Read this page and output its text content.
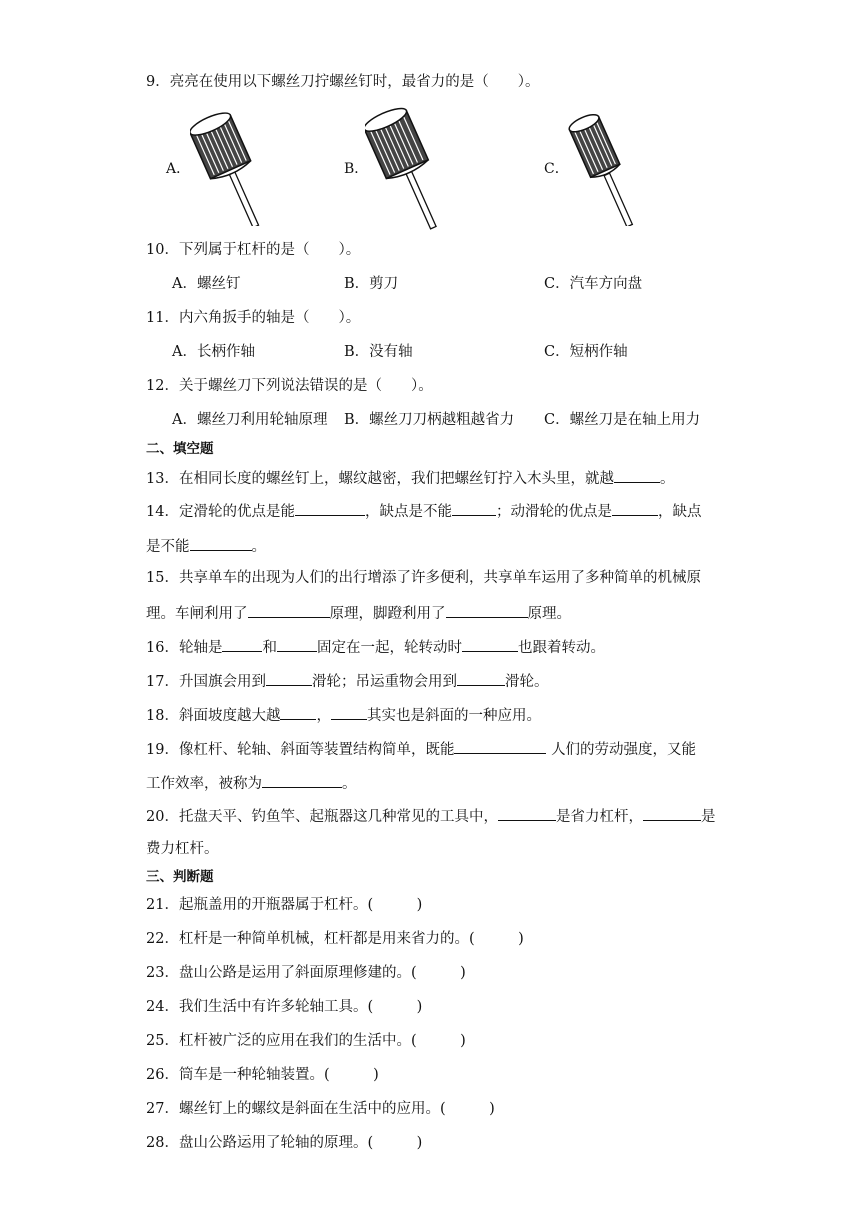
9．亮亮在使用以下螺丝刀拧螺丝钉时，最省力的是（　　）。
A．	B．	C．
10．下列属于杠杆的是（　　）。
A．螺丝钉	B．剪刀	C．汽车方向盘
11．内六角扳手的轴是（　　）。
A．长柄作轴	B．没有轴	C．短柄作轴
12．关于螺丝刀下列说法错误的是（　　）。
A．螺丝刀利用轮轴原理 B．螺丝刀刀柄越粗越省力 C．螺丝刀是在轴上用力
二、填空题
13．在相同长度的螺丝钉上，螺纹越密，我们把螺丝钉拧入木头里，就越	。
14．定滑轮的优点是能	，缺点是不能	；动滑轮的优点是	，缺点
是不能	。
15．共享单车的出现为人们的出行增添了许多便利，共享单车运用了多种简单的机械原
理。车闸利用了	原理，脚蹬利用了	原理。
16．轮轴是	和	固定在一起，轮转动时	也跟着转动。
17．升国旗会用到	滑轮；吊运重物会用到	滑轮。
18．斜面坡度越大越 ， 其实也是斜面的一种应用。
19．像杠杆、轮轴、斜面等装置结构简单，既能	人们的劳动强度，又能
工作效率，被称为	。
20．托盘天平、钓鱼竿、起瓶器这几种常见的工具中，	是省力杠杆，	是
费力杠杆。
三、判断题
21．起瓶盖用的开瓶器属于杠杆。(　　　)
22．杠杆是一种简单机械，杠杆都是用来省力的。(　　　)
23．盘山公路是运用了斜面原理修建的。(　　　)
24．我们生活中有许多轮轴工具。(　　　)
25．杠杆被广泛的应用在我们的生活中。(　　　)
26．筒车是一种轮轴装置。(　　　)
27．螺丝钉上的螺纹是斜面在生活中的应用。(　　　)
28．盘山公路运用了轮轴的原理。(　　　)
